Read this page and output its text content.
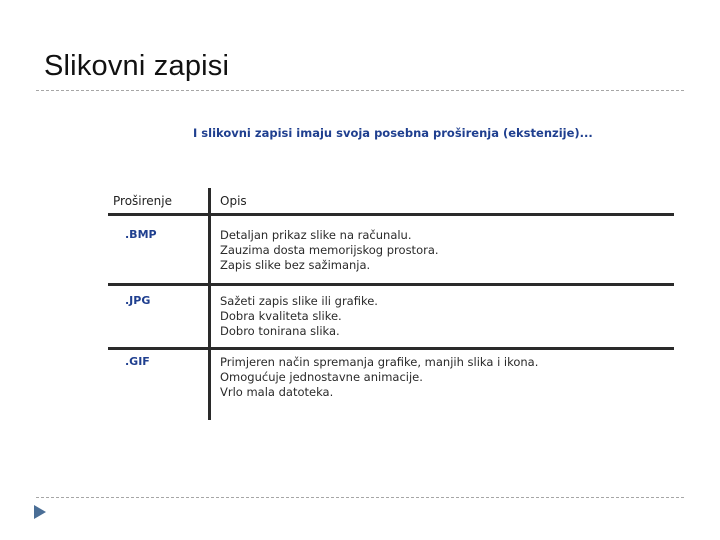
Slikovni zapisi
I slikovni zapisi imaju svoja posebna proširenja (ekstenzije)...
Proširenje	Opis
.BMP	Detaljan prikaz slike na računalu.
Zauzima dosta memorijskog prostora.
Zapis slike bez sažimanja.
.JPG	Sažeti zapis slike ili grafike.
Dobra kvaliteta slike.
Dobro tonirana slika.
.GIF	Primjeren način spremanja grafike, manjih slika i ikona.
Omogućuje jednostavne animacije.
Vrlo mala datoteka.
